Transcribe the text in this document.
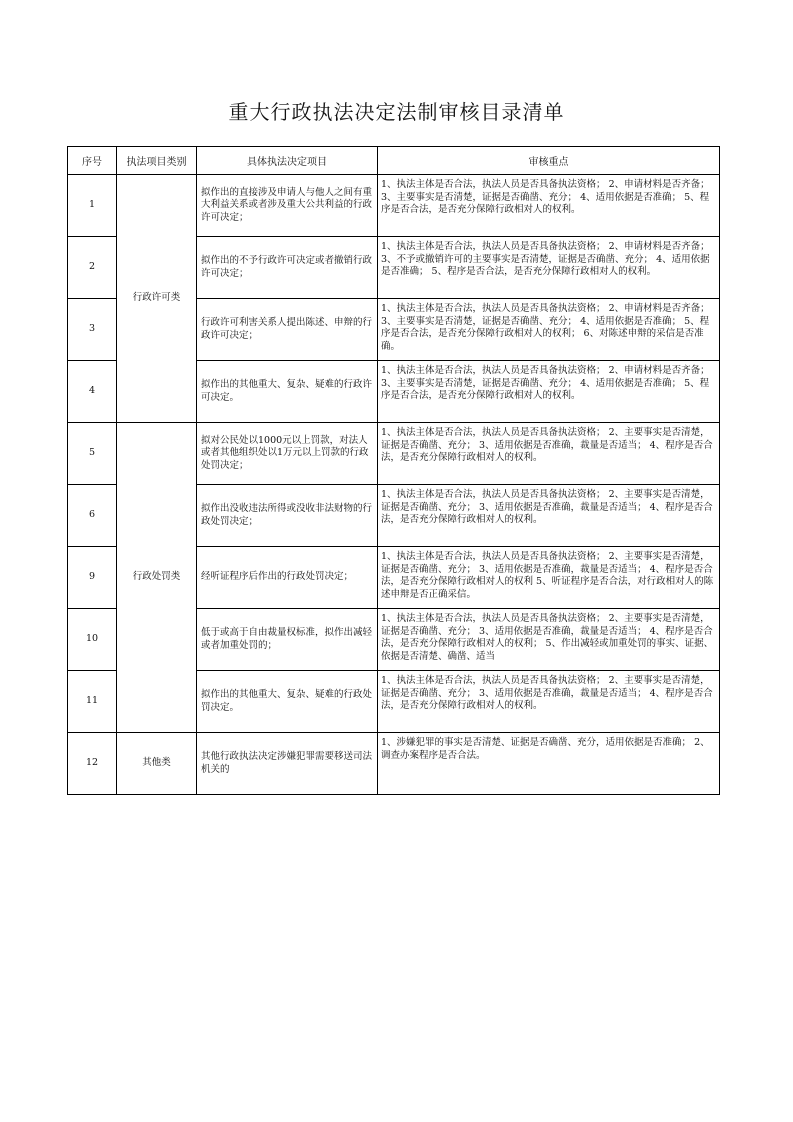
重大行政执法决定法制审核目录清单
序号	执法项目类别	具体执法决定项目	审核重点
1	行政许可类	拟作出的直接涉及申请人与他人之间有重大利益关系或者涉及重大公共利益的行政许可决定；	1、执法主体是否合法，执法人员是否具备执法资格； 2、申请材料是否齐备； 3、主要事实是否清楚，证据是否确凿、充分； 4、适用依据是否准确； 5、程序是否合法，是否充分保障行政相对人的权利。
2		拟作出的不予行政许可决定或者撤销行政许可决定；	1、执法主体是否合法，执法人员是否具备执法资格； 2、申请材料是否齐备； 3、不予或撤销许可的主要事实是否清楚，证据是否确凿、充分； 4、适用依据是否准确； 5、程序是否合法，是否充分保障行政相对人的权利。
3		行政许可利害关系人提出陈述、申辩的行政许可决定；	1、执法主体是否合法，执法人员是否具备执法资格； 2、申请材料是否齐备； 3、主要事实是否清楚，证据是否确凿、充分； 4、适用依据是否准确； 5、程序是否合法，是否充分保障行政相对人的权利； 6、对陈述申辩的采信是否准确。
4		拟作出的其他重大、复杂、疑难的行政许可决定。	1、执法主体是否合法，执法人员是否具备执法资格； 2、申请材料是否齐备； 3、主要事实是否清楚，证据是否确凿、充分； 4、适用依据是否准确； 5、程序是否合法，是否充分保障行政相对人的权利。
5	行政处罚类	拟对公民处以1000元以上罚款，对法人或者其他组织处以1万元以上罚款的行政处罚决定；	1、执法主体是否合法，执法人员是否具备执法资格； 2、主要事实是否清楚，证据是否确凿、充分； 3、适用依据是否准确，裁量是否适当； 4、程序是否合法，是否充分保障行政相对人的权利。
6		拟作出没收违法所得或没收非法财物的行政处罚决定；	1、执法主体是否合法，执法人员是否具备执法资格； 2、主要事实是否清楚，证据是否确凿、充分； 3、适用依据是否准确，裁量是否适当； 4、程序是否合法，是否充分保障行政相对人的权利。
9		经听证程序后作出的行政处罚决定；	1、执法主体是否合法，执法人员是否具备执法资格； 2、主要事实是否清楚，证据是否确凿、充分； 3、适用依据是否准确，裁量是否适当； 4、程序是否合法，是否充分保障行政相对人的权利 5、听证程序是否合法，对行政相对人的陈述申辩是否正确采信。
10		低于或高于自由裁量权标准，拟作出减轻或者加重处罚的；	1、执法主体是否合法，执法人员是否具备执法资格； 2、主要事实是否清楚，证据是否确凿、充分； 3、适用依据是否准确，裁量是否适当； 4、程序是否合法，是否充分保障行政相对人的权利； 5、作出减轻或加重处罚的事实、证据、依据是否清楚、确凿、适当
11		拟作出的其他重大、复杂、疑难的行政处罚决定。	1、执法主体是否合法，执法人员是否具备执法资格； 2、主要事实是否清楚，证据是否确凿、充分； 3、适用依据是否准确，裁量是否适当； 4、程序是否合法，是否充分保障行政相对人的权利。
12	其他类	其他行政执法决定涉嫌犯罪需要移送司法机关的	1、涉嫌犯罪的事实是否清楚、证据是否确凿、充分，适用依据是否准确； 2、调查办案程序是否合法。
